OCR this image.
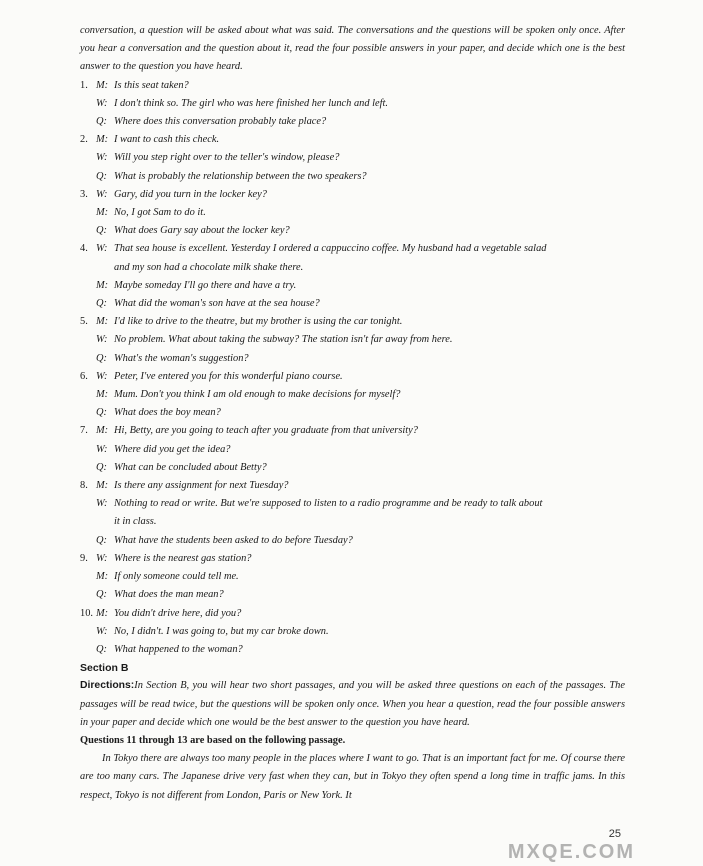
conversation, a question will be asked about what was said. The conversations and the questions will be spoken only once. After you hear a conversation and the question about it, read the four possible answers in your paper, and decide which one is the best answer to the question you have heard.

1. M: Is this seat taken?
W: I don't think so. The girl who was here finished her lunch and left.
Q: Where does this conversation probably take place?
2. M: I want to cash this check.
W: Will you step right over to the teller's window, please?
Q: What is probably the relationship between the two speakers?
3. W: Gary, did you turn in the locker key?
M: No, I got Sam to do it.
Q: What does Gary say about the locker key?
4. W: That sea house is excellent. Yesterday I ordered a cappuccino coffee. My husband had a vegetable salad
and my son had a chocolate milk shake there.
M: Maybe someday I'll go there and have a try.
Q: What did the woman's son have at the sea house?
5. M: I'd like to drive to the theatre, but my brother is using the car tonight.
W: No problem. What about taking the subway? The station isn't far away from here.
Q: What's the woman's suggestion?
6. W: Peter, I've entered you for this wonderful piano course.
M: Mum. Don't you think I am old enough to make decisions for myself?
Q: What does the boy mean?
7. M: Hi, Betty, are you going to teach after you graduate from that university?
W: Where did you get the idea?
Q: What can be concluded about Betty?
8. M: Is there any assignment for next Tuesday?
W: Nothing to read or write. But we're supposed to listen to a radio programme and be ready to talk about
it in class.
Q: What have the students been asked to do before Tuesday?
9. W: Where is the nearest gas station?
M: If only someone could tell me.
Q: What does the man mean?
10. M: You didn't drive here, did you?
W: No, I didn't. I was going to, but my car broke down.
Q: What happened to the woman?

Section B

Directions:In Section B, you will hear two short passages, and you will be asked three questions on each of the passages. The passages will be read twice, but the questions will be spoken only once. When you hear a question, read the four possible answers in your paper and decide which one would be the best answer to the question you have heard.

Questions 11 through 13 are based on the following passage.

In Tokyo there are always too many people in the places where I want to go. That is an important fact for me. Of course there are too many cars. The Japanese drive very fast when they can, but in Tokyo they often spend a long time in traffic jams. In this respect, Tokyo is not different from London, Paris or New York. It

MXQE.COM
25
